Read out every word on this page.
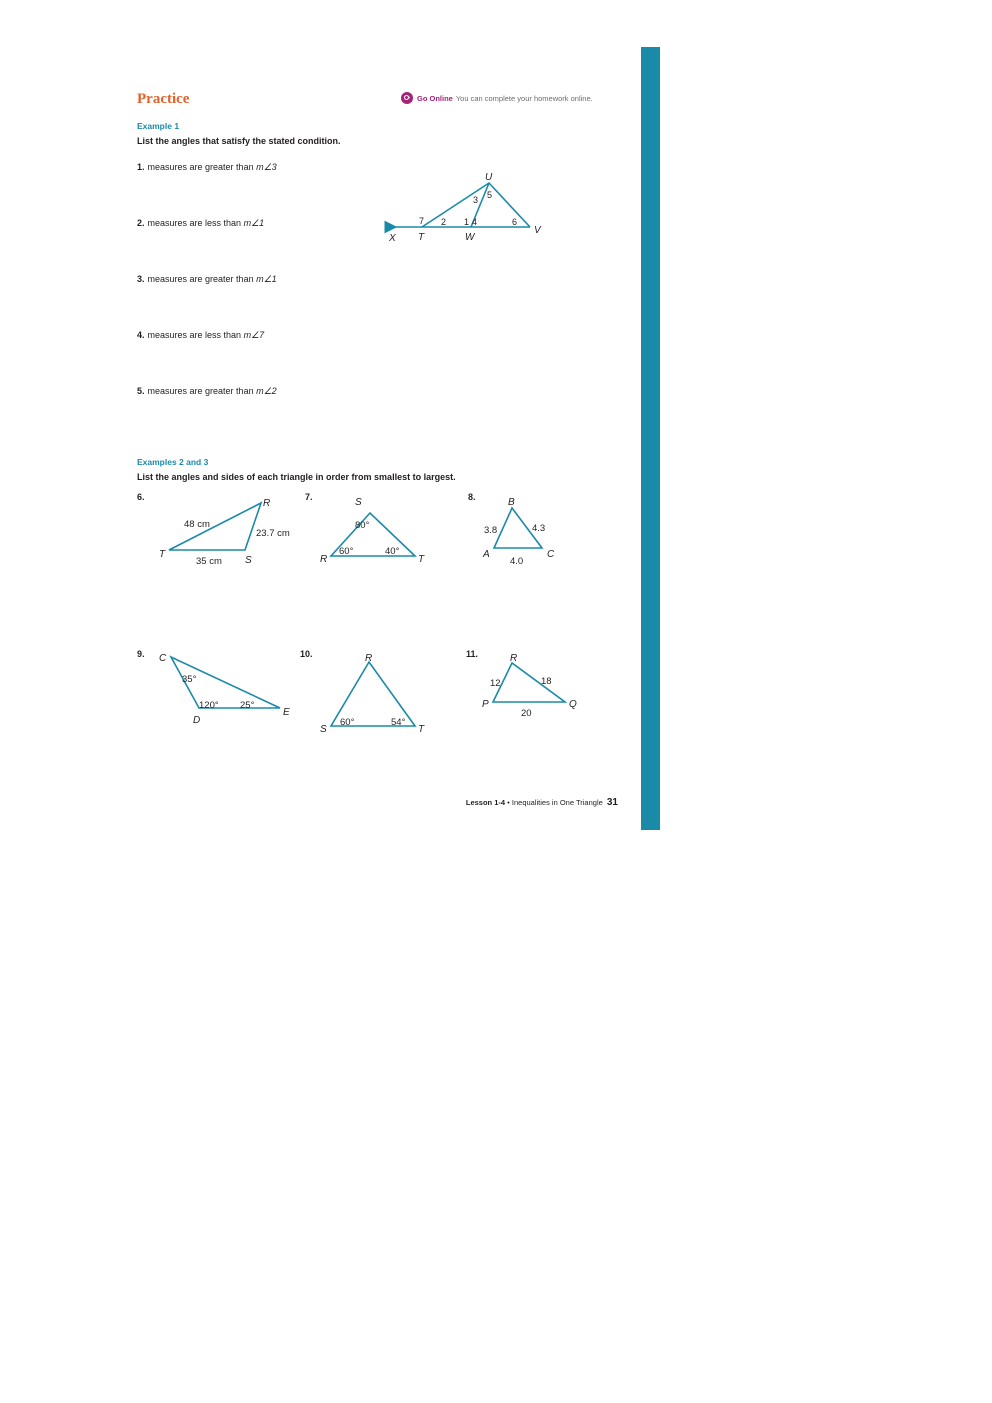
Practice	Go Online You can complete your homework online.
Example 1
List the angles that satisfy the stated condition.
1. measures are greater than m∠3
2. measures are less than m∠1
3. measures are greater than m∠1
4. measures are less than m∠7
5. measures are greater than m∠2
Examples 2 and 3
List the angles and sides of each triangle in order from smallest to largest.
6.	7.	8.
9.	10.	11.
U
X T	W
V
3 5
7 2 1 4	6
R
T
S
48 cm
23.7 cm
35 cm
S
R	T
80°
60°	40°
B
A	C
3.8	4.3
4.0
C
D
E
35°
120° 25°
R
S	T
60°	54°
R
P	Q
12	18
20
Lesson 1-4 • Inequalities in One Triangle 31
